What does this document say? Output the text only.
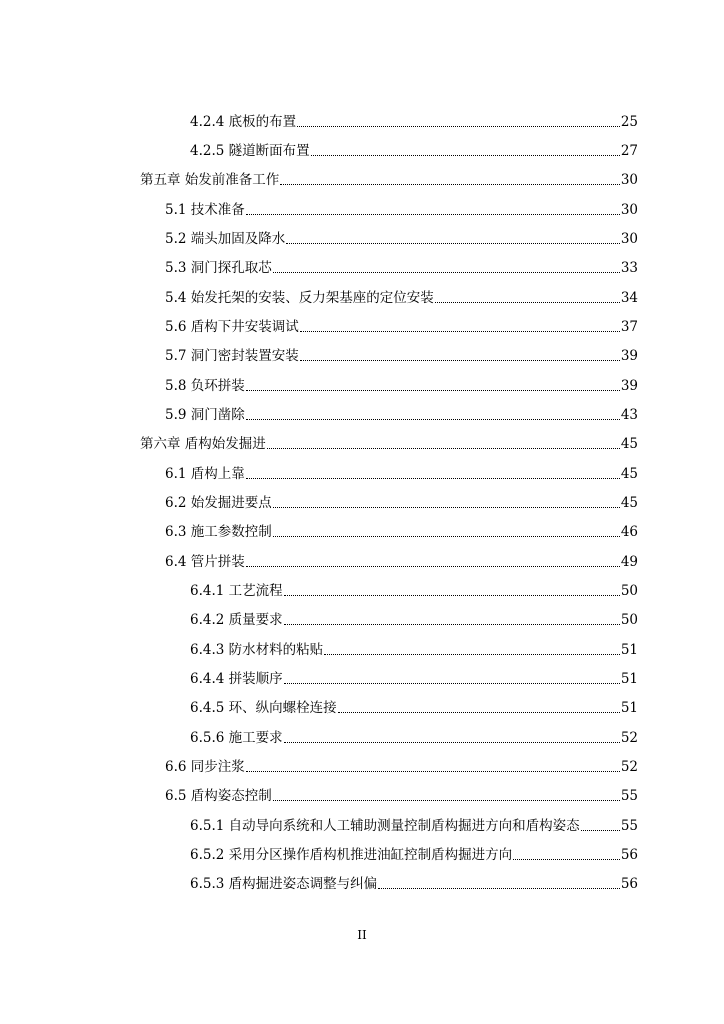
4.2.4 底板的布置	25
4.2.5 隧道断面布置	27
第五章 始发前准备工作	30
5.1 技术准备	30
5.2 端头加固及降水	30
5.3 洞门探孔取芯	33
5.4 始发托架的安装、反力架基座的定位安装	34
5.6 盾构下井安装调试	37
5.7 洞门密封装置安装	39
5.8 负环拼装	39
5.9 洞门凿除	43
第六章 盾构始发掘进	45
6.1 盾构上靠	45
6.2 始发掘进要点	45
6.3 施工参数控制	46
6.4 管片拼装	49
6.4.1 工艺流程	50
6.4.2 质量要求	50
6.4.3 防水材料的粘贴	51
6.4.4 拼装顺序	51
6.4.5 环、纵向螺栓连接	51
6.5.6 施工要求	52
6.6 同步注浆	52
6.5 盾构姿态控制	55
6.5.1 自动导向系统和人工辅助测量控制盾构掘进方向和盾构姿态	55
6.5.2 采用分区操作盾构机推进油缸控制盾构掘进方向	56
6.5.3 盾构掘进姿态调整与纠偏	56
II
